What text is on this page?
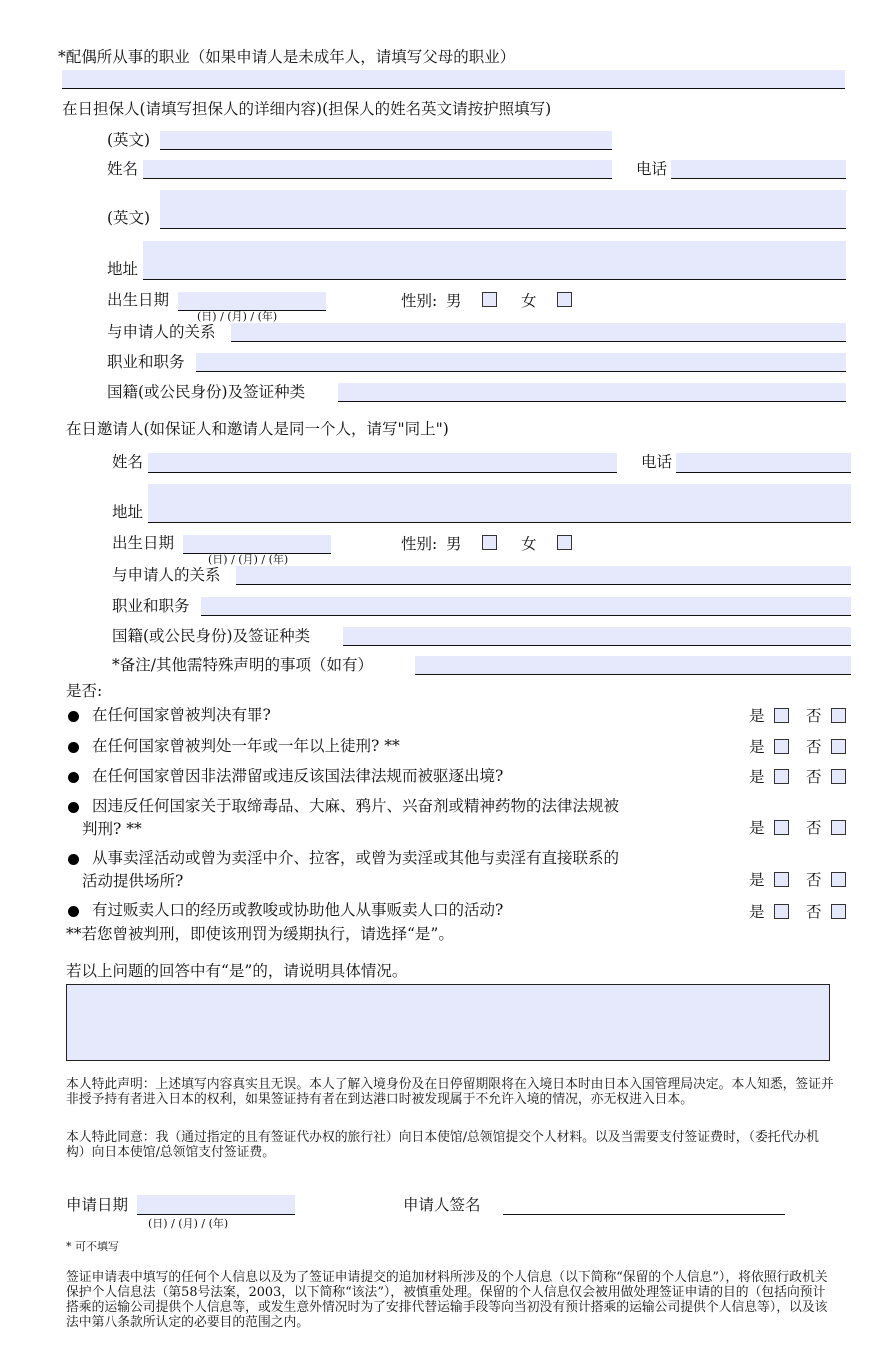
*配偶所从事的职业（如果申请人是未成年人，请填写父母的职业）
在日担保人(请填写担保人的详细内容)(担保人的姓名英文请按护照填写)
(英文)
姓名	电话
(英文)
地址
出生日期
(日) / (月) / (年)
性别: 男	女
与申请人的关系
职业和职务
国籍(或公民身份)及签证种类
在日邀请人(如保证人和邀请人是同一个人，请写"同上")
姓名	电话
地址
出生日期
(日) / (月) / (年)
性别: 男	女
与申请人的关系
职业和职务
国籍(或公民身份)及签证种类
*备注/其他需特殊声明的事项（如有）
是否:
在任何国家曾被判决有罪?	是	否
在任何国家曾被判处一年或一年以上徒刑? **	是	否
在任何国家曾因非法滞留或违反该国法律法规而被驱逐出境?	是	否
因违反任何国家关于取缔毒品、大麻、鸦片、兴奋剂或精神药物的法律法规被
判刑? **	是	否
从事卖淫活动或曾为卖淫中介、拉客，或曾为卖淫或其他与卖淫有直接联系的
活动提供场所?	是	否
有过贩卖人口的经历或教唆或协助他人从事贩卖人口的活动?	是	否
**若您曾被判刑，即使该刑罚为缓期执行，请选择“是”。
若以上问题的回答中有“是”的，请说明具体情况。
本人特此声明：上述填写内容真实且无误。本人了解入境身份及在日停留期限将在入境日本时由日本入国管理局决定。本人知悉，签证并非授予持有者进入日本的权利，如果签证持有者在到达港口时被发现属于不允许入境的情况，亦无权进入日本。
本人特此同意：我（通过指定的且有签证代办权的旅行社）向日本使馆/总领馆提交个人材料。以及当需要支付签证费时，（委托代办机构）向日本使馆/总领馆支付签证费。
申请日期
(日) / (月) / (年)
申请人签名
* 可不填写
签证申请表中填写的任何个人信息以及为了签证申请提交的追加材料所涉及的个人信息（以下简称“保留的个人信息”），将依照行政机关保护个人信息法（第58号法案，2003，以下简称“该法”），被慎重处理。保留的个人信息仅会被用做处理签证申请的目的（包括向预计搭乘的运输公司提供个人信息等，或发生意外情况时为了安排代替运输手段等向当初没有预计搭乘的运输公司提供个人信息等），以及该法中第八条款所认定的必要目的范围之内。
